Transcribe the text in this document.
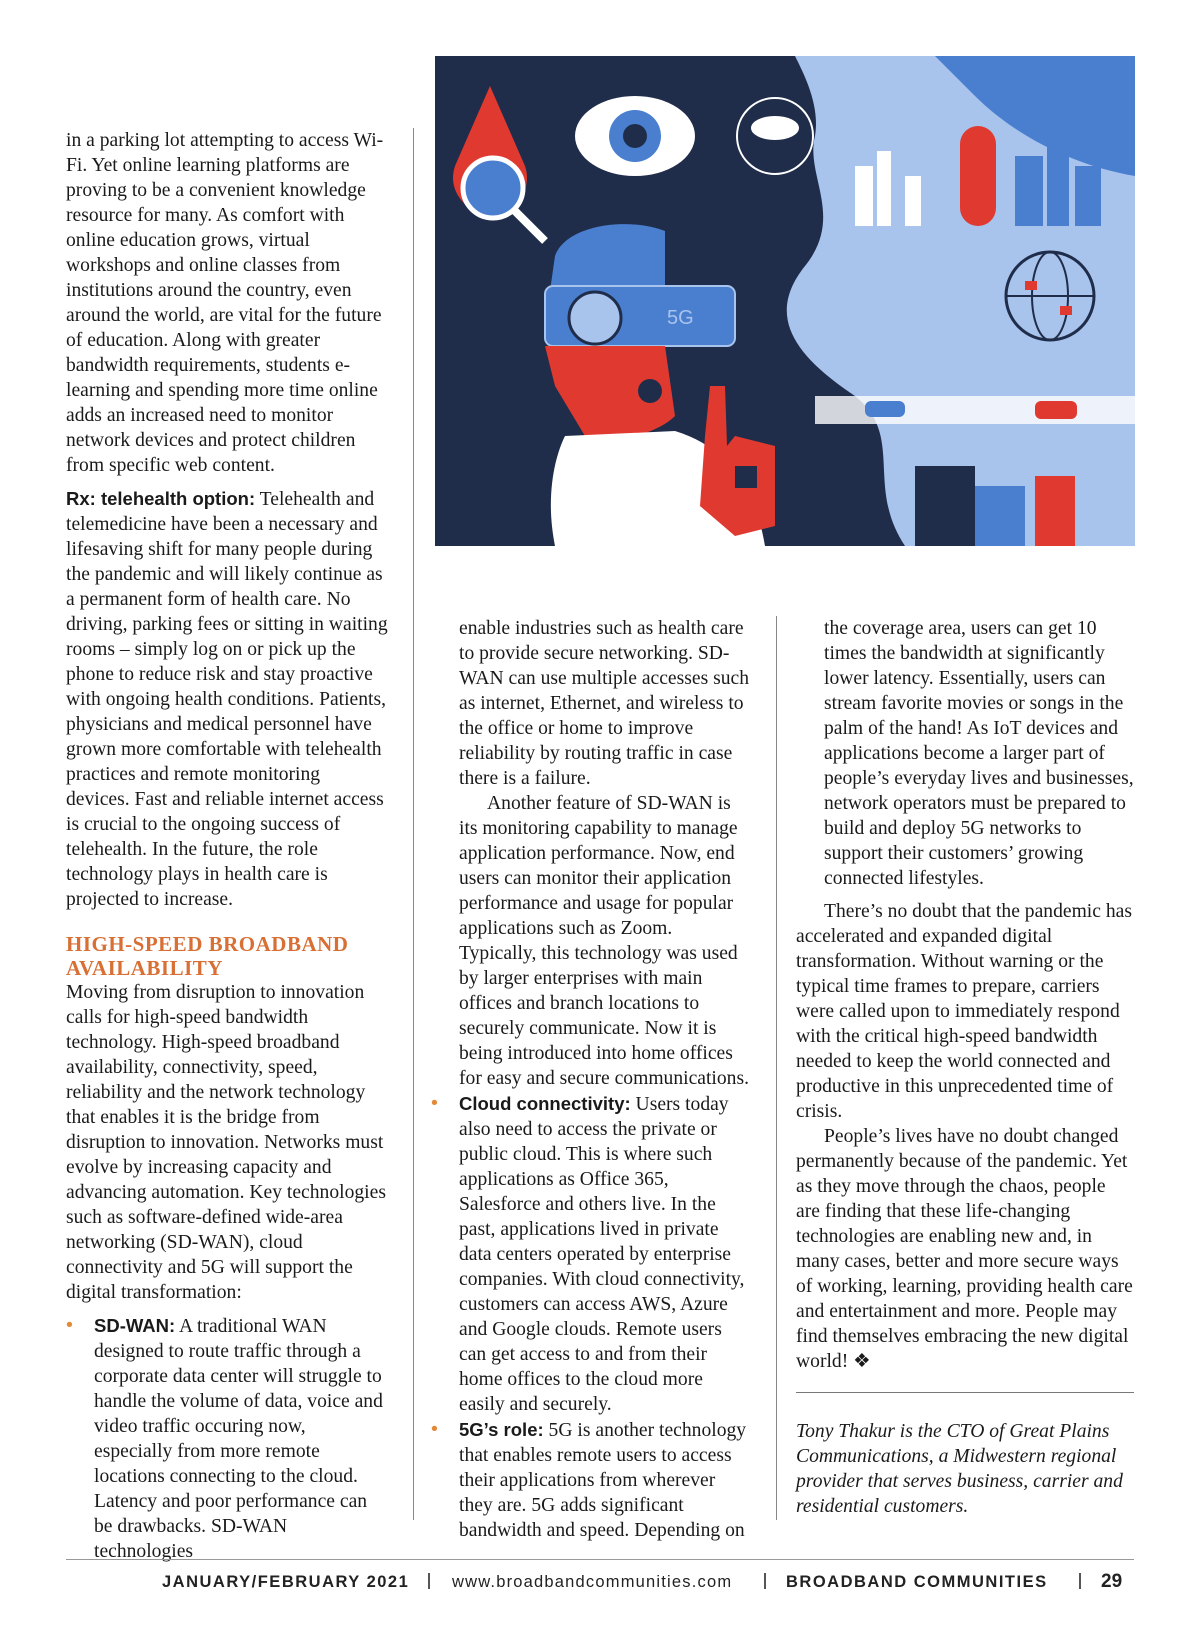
5G

in a parking lot attempting to access Wi-Fi. Yet online learning platforms are proving to be a convenient knowledge resource for many. As comfort with online education grows, virtual workshops and online classes from institutions around the country, even around the world, are vital for the future of education. Along with greater bandwidth requirements, students e-learning and spending more time online adds an increased need to monitor network devices and protect children from specific web content.

Rx: telehealth option: Telehealth and telemedicine have been a necessary and lifesaving shift for many people during the pandemic and will likely continue as a permanent form of health care. No driving, parking fees or sitting in waiting rooms – simply log on or pick up the phone to reduce risk and stay proactive with ongoing health conditions. Patients, physicians and medical personnel have grown more comfortable with telehealth practices and remote monitoring devices. Fast and reliable internet access is crucial to the ongoing success of telehealth. In the future, the role technology plays in health care is projected to increase.

HIGH-SPEED BROADBAND AVAILABILITY

Moving from disruption to innovation calls for high-speed bandwidth technology. High-speed broadband availability, connectivity, speed, reliability and the network technology that enables it is the bridge from disruption to innovation. Networks must evolve by increasing capacity and advancing automation. Key technologies such as software-defined wide-area networking (SD-WAN), cloud connectivity and 5G will support the digital transformation:

• SD-WAN: A traditional WAN designed to route traffic through a corporate data center will struggle to handle the volume of data, voice and video traffic occuring now, especially from more remote locations connecting to the cloud. Latency and poor performance can be drawbacks. SD-WAN technologies

enable industries such as health care to provide secure networking. SD-WAN can use multiple accesses such as internet, Ethernet, and wireless to the office or home to improve reliability by routing traffic in case there is a failure.

Another feature of SD-WAN is its monitoring capability to manage application performance. Now, end users can monitor their application performance and usage for popular applications such as Zoom. Typically, this technology was used by larger enterprises with main offices and branch locations to securely communicate. Now it is being introduced into home offices for easy and secure communications.

• Cloud connectivity: Users today also need to access the private or public cloud. This is where such applications as Office 365, Salesforce and others live. In the past, applications lived in private data centers operated by enterprise companies. With cloud connectivity, customers can access AWS, Azure and Google clouds. Remote users can get access to and from their home offices to the cloud more easily and securely.

• 5G’s role: 5G is another technology that enables remote users to access their applications from wherever they are. 5G adds significant bandwidth and speed. Depending on

the coverage area, users can get 10 times the bandwidth at significantly lower latency. Essentially, users can stream favorite movies or songs in the palm of the hand! As IoT devices and applications become a larger part of people’s everyday lives and businesses, network operators must be prepared to build and deploy 5G networks to support their customers’ growing connected lifestyles.

There’s no doubt that the pandemic has accelerated and expanded digital transformation. Without warning or the typical time frames to prepare, carriers were called upon to immediately respond with the critical high-speed bandwidth needed to keep the world connected and productive in this unprecedented time of crisis.

People’s lives have no doubt changed permanently because of the pandemic. Yet as they move through the chaos, people are finding that these life-changing technologies are enabling new and, in many cases, better and more secure ways of working, learning, providing health care and entertainment and more. People may find themselves embracing the new digital world! ❖

Tony Thakur is the CTO of Great Plains Communications, a Midwestern regional provider that serves business, carrier and residential customers.

JANUARY/FEBRUARY 2021	www.broadbandcommunities.com	BROADBAND COMMUNITIES	29
